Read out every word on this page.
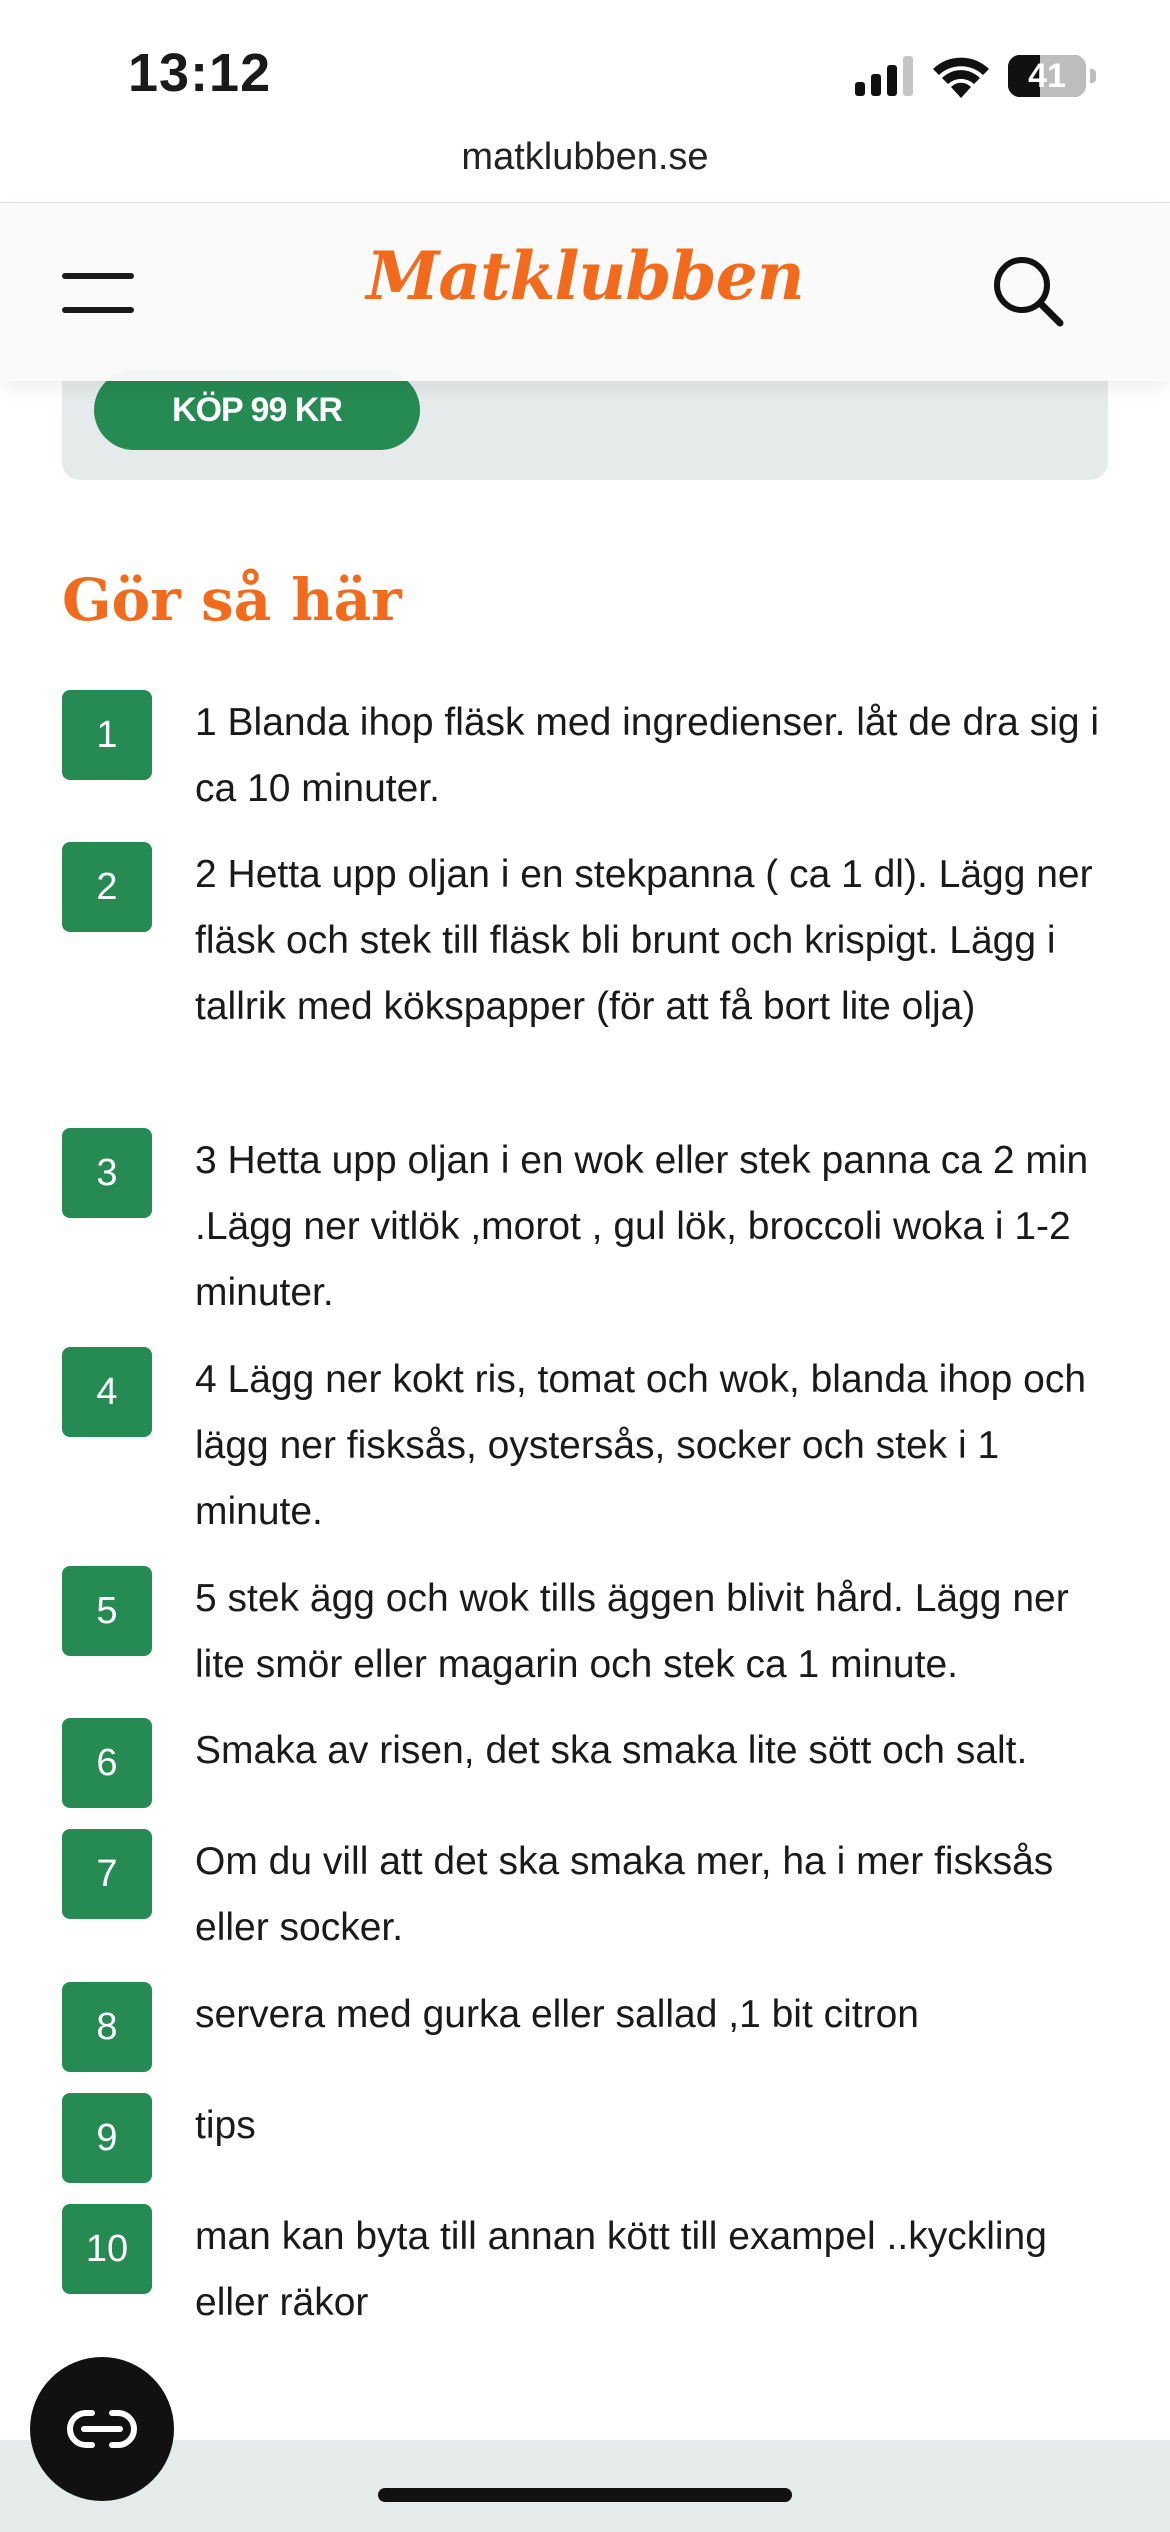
13:12	41
matklubben.se
Matklubben
KÖP 99 KR
Gör så här
1	1 Blanda ihop fläsk med ingredienser. låt de dra sig i ca 10 minuter.
2	2 Hetta upp oljan i en stekpanna ( ca 1 dl). Lägg ner fläsk och stek till fläsk bli brunt och krispigt. Lägg i tallrik med kökspapper (för att få bort lite olja)
3	3 Hetta upp oljan i en wok eller stek panna ca 2 min .Lägg ner vitlök ,morot , gul lök, broccoli woka i 1-2 minuter.
4	4 Lägg ner kokt ris, tomat och wok, blanda ihop och lägg ner fisksås, oystersås, socker och stek i 1 minute.
5	5 stek ägg och wok tills äggen blivit hård. Lägg ner lite smör eller magarin och stek ca 1 minute.
6	Smaka av risen, det ska smaka lite sött och salt.
7	Om du vill att det ska smaka mer, ha i mer fisksås eller socker.
8	servera med gurka eller sallad ,1 bit citron
9	tips
10	man kan byta till annan kött till exampel ..kyckling eller räkor
